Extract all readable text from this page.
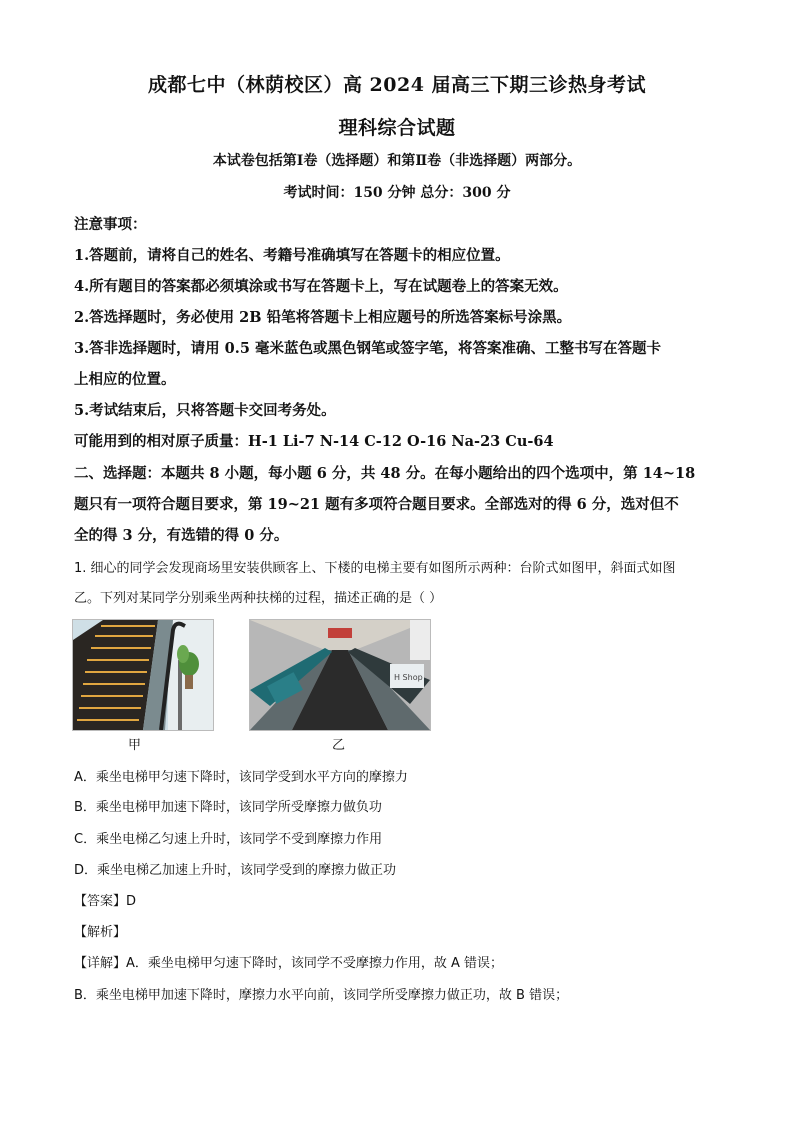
成都七中（林荫校区）高 2024 届高三下期三诊热身考试
理科综合试题
本试卷包括第Ⅰ卷（选择题）和第Ⅱ卷（非选择题）两部分。
考试时间：150 分钟 总分：300 分
注意事项：
1.答题前，请将自己的姓名、考籍号准确填写在答题卡的相应位置。
4.所有题目的答案都必须填涂或书写在答题卡上，写在试题卷上的答案无效。
2.答选择题时，务必使用 2B 铅笔将答题卡上相应题号的所选答案标号涂黑。
3.答非选择题时，请用 0.5 毫米蓝色或黑色钢笔或签字笔，将答案准确、工整书写在答题卡
上相应的位置。
5.考试结束后，只将答题卡交回考务处。
可能用到的相对原子质量：H-1 Li-7 N-14 C-12 O-16 Na-23 Cu-64
二、选择题：本题共 8 小题，每小题 6 分，共 48 分。在每小题给出的四个选项中，第 14~18
题只有一项符合题目要求，第 19~21 题有多项符合题目要求。全部选对的得 6 分，选对但不
全的得 3 分，有选错的得 0 分。
1. 细心的同学会发现商场里安装供顾客上、下楼的电梯主要有如图所示两种：台阶式如图甲，斜面式如图
乙。下列对某同学分别乘坐两种扶梯的过程，描述正确的是（ ）
甲
H Shop
乙
A．乘坐电梯甲匀速下降时，该同学受到水平方向的摩擦力
B．乘坐电梯甲加速下降时，该同学所受摩擦力做负功
C．乘坐电梯乙匀速上升时，该同学不受到摩擦力作用
D．乘坐电梯乙加速上升时，该同学受到的摩擦力做正功
【答案】D
【解析】
【详解】A．乘坐电梯甲匀速下降时，该同学不受摩擦力作用，故 A 错误；
B．乘坐电梯甲加速下降时，摩擦力水平向前，该同学所受摩擦力做正功，故 B 错误；
